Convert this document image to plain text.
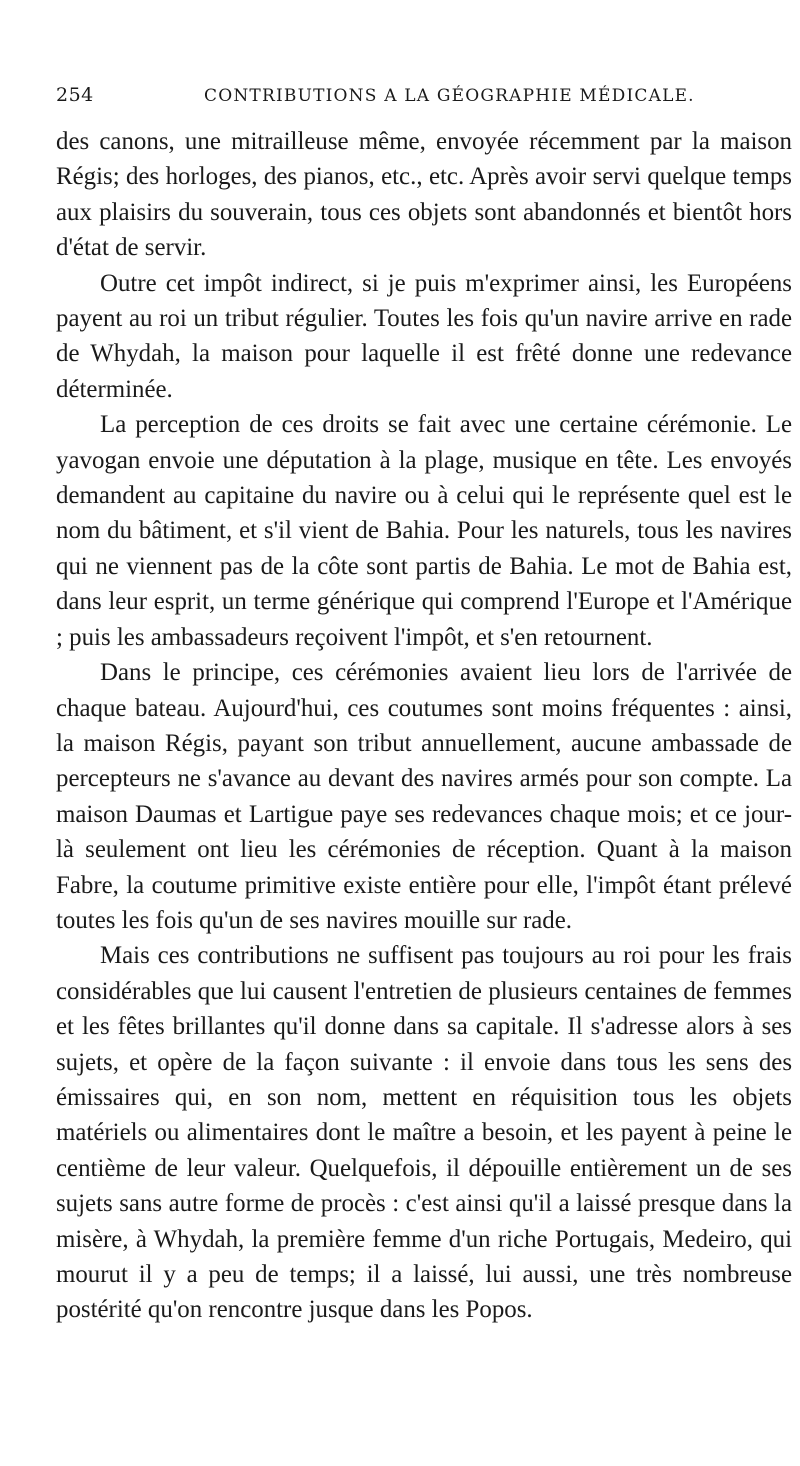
254	CONTRIBUTIONS A LA GÉOGRAPHIE MÉDICALE.

des canons, une mitrailleuse même, envoyée récemment par la maison Régis; des horloges, des pianos, etc., etc. Après avoir servi quelque temps aux plaisirs du souverain, tous ces objets sont abandonnés et bientôt hors d'état de servir.

Outre cet impôt indirect, si je puis m'exprimer ainsi, les Européens payent au roi un tribut régulier. Toutes les fois qu'un navire arrive en rade de Whydah, la maison pour laquelle il est frêté donne une redevance déterminée.

La perception de ces droits se fait avec une certaine cérémonie. Le yavogan envoie une députation à la plage, musique en tête. Les envoyés demandent au capitaine du navire ou à celui qui le représente quel est le nom du bâtiment, et s'il vient de Bahia. Pour les naturels, tous les navires qui ne viennent pas de la côte sont partis de Bahia. Le mot de Bahia est, dans leur esprit, un terme générique qui comprend l'Europe et l'Amérique ; puis les ambassadeurs reçoivent l'impôt, et s'en retournent.

Dans le principe, ces cérémonies avaient lieu lors de l'arrivée de chaque bateau. Aujourd'hui, ces coutumes sont moins fréquentes : ainsi, la maison Régis, payant son tribut annuellement, aucune ambassade de percepteurs ne s'avance au devant des navires armés pour son compte. La maison Daumas et Lartigue paye ses redevances chaque mois; et ce jour-là seulement ont lieu les cérémonies de réception. Quant à la maison Fabre, la coutume primitive existe entière pour elle, l'impôt étant prélevé toutes les fois qu'un de ses navires mouille sur rade.

Mais ces contributions ne suffisent pas toujours au roi pour les frais considérables que lui causent l'entretien de plusieurs centaines de femmes et les fêtes brillantes qu'il donne dans sa capitale. Il s'adresse alors à ses sujets, et opère de la façon suivante : il envoie dans tous les sens des émissaires qui, en son nom, mettent en réquisition tous les objets matériels ou alimentaires dont le maître a besoin, et les payent à peine le centième de leur valeur. Quelquefois, il dépouille entièrement un de ses sujets sans autre forme de procès : c'est ainsi qu'il a laissé presque dans la misère, à Whydah, la première femme d'un riche Portugais, Medeiro, qui mourut il y a peu de temps; il a laissé, lui aussi, une très nombreuse postérité qu'on rencontre jusque dans les Popos.
